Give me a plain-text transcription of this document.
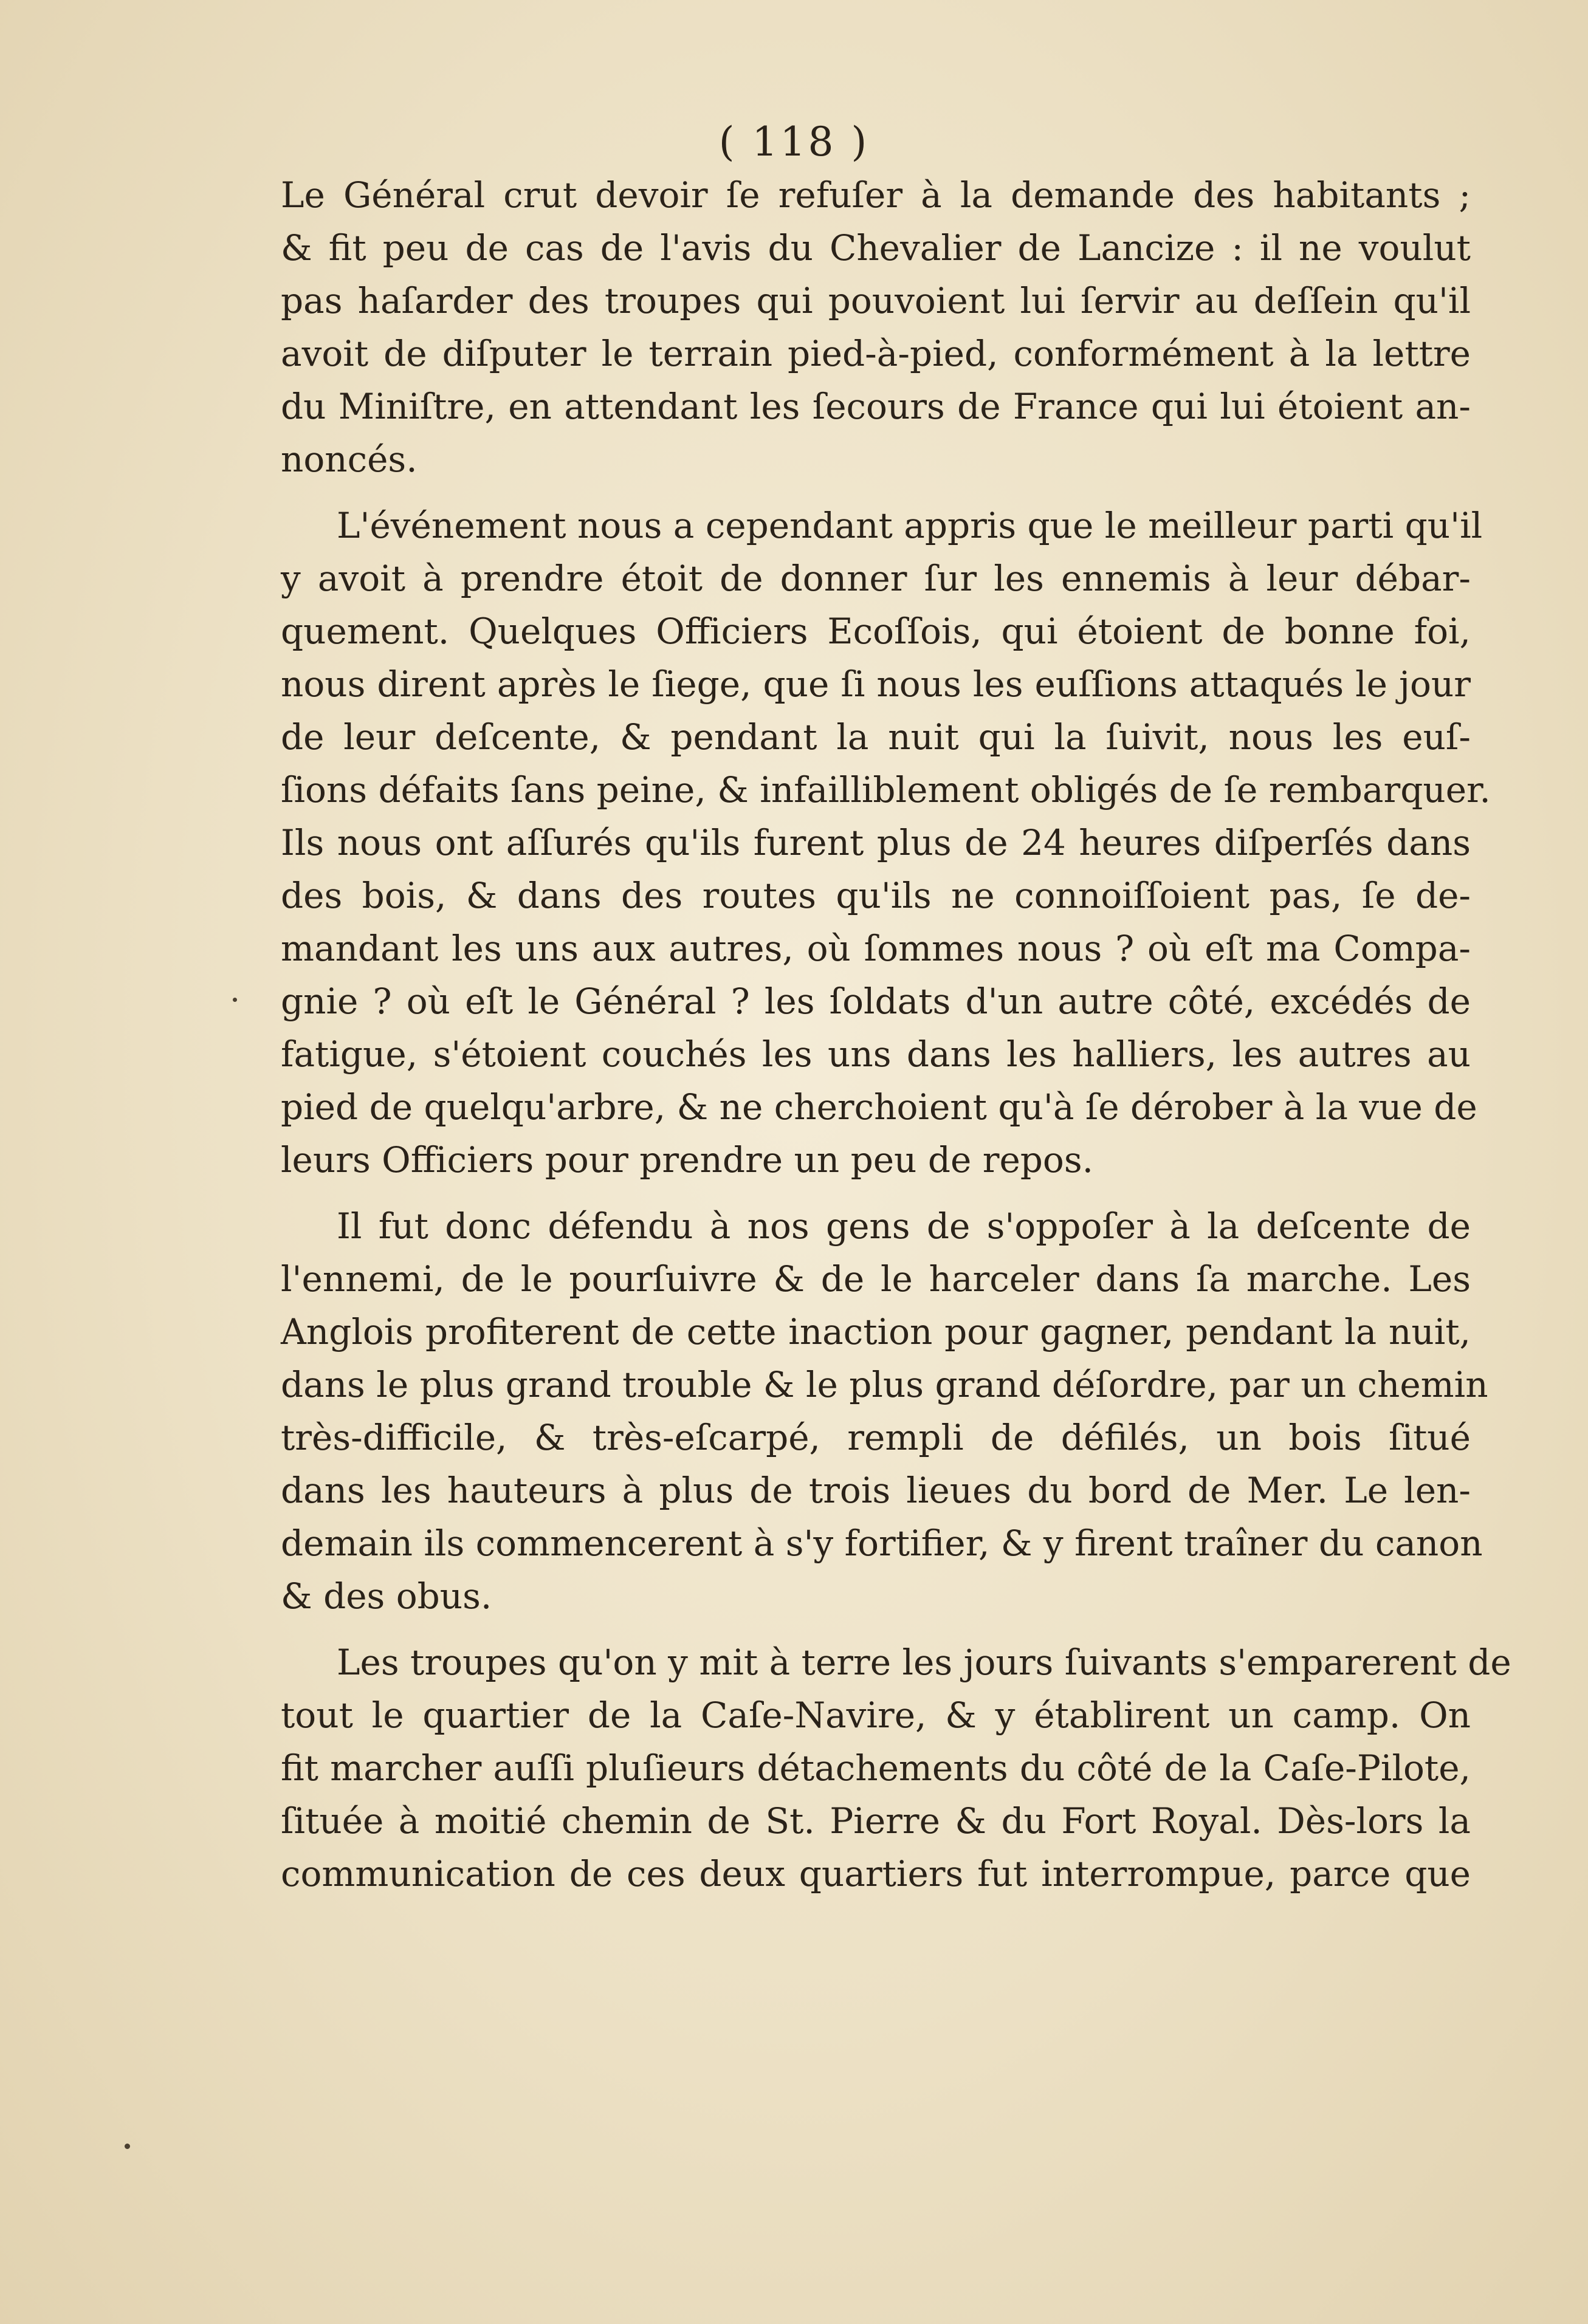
( 118 )
Le Général crut devoir ſe refuſer à la demande des habitants ;
& fit peu de cas de l'avis du Chevalier de Lancize : il ne voulut
pas haſarder des troupes qui pouvoient lui ſervir au deſſein qu'il
avoit de diſputer le terrain pied-à-pied, conformément à la lettre
du Miniſtre, en attendant les ſecours de France qui lui étoient an-
noncés.
L'événement nous a cependant appris que le meilleur parti qu'il
y avoit à prendre étoit de donner ſur les ennemis à leur débar-
quement. Quelques Officiers Ecoſſois, qui étoient de bonne foi,
nous dirent après le ſiege, que ſi nous les euſſions attaqués le jour
de leur deſcente, & pendant la nuit qui la ſuivit, nous les euſ-
ſions défaits ſans peine, & infailliblement obligés de ſe rembarquer.
Ils nous ont aſſurés qu'ils furent plus de 24 heures diſperſés dans
des bois, & dans des routes qu'ils ne connoiſſoient pas, ſe de-
mandant les uns aux autres, où ſommes nous ? où eſt ma Compa-
gnie ? où eſt le Général ? les ſoldats d'un autre côté, excédés de
fatigue, s'étoient couchés les uns dans les halliers, les autres au
pied de quelqu'arbre, & ne cherchoient qu'à ſe dérober à la vue de
leurs Officiers pour prendre un peu de repos.
Il fut donc défendu à nos gens de s'oppoſer à la deſcente de
l'ennemi, de le pourſuivre & de le harceler dans ſa marche. Les
Anglois profiterent de cette inaction pour gagner, pendant la nuit,
dans le plus grand trouble & le plus grand déſordre, par un chemin
très-difficile, & très-eſcarpé, rempli de défilés, un bois ſitué
dans les hauteurs à plus de trois lieues du bord de Mer. Le len-
demain ils commencerent à s'y fortifier, & y firent traîner du canon
& des obus.
Les troupes qu'on y mit à terre les jours ſuivants s'emparerent de
tout le quartier de la Caſe-Navire, & y établirent un camp. On
fit marcher auſſi pluſieurs détachements du côté de la Caſe-Pilote,
ſituée à moitié chemin de St. Pierre & du Fort Royal. Dès-lors la
communication de ces deux quartiers fut interrompue, parce que
